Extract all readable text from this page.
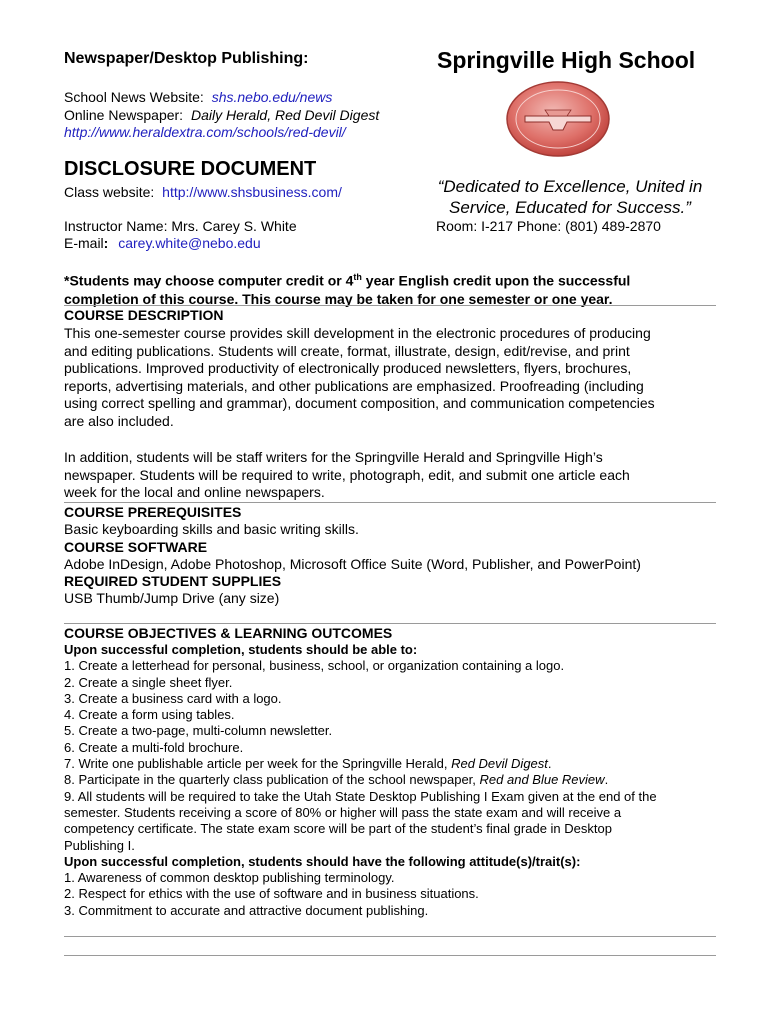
Newspaper/Desktop Publishing:	Springville High School
School News Website: shs.nebo.edu/news
Online Newspaper: Daily Herald, Red Devil Digest
http://www.heraldextra.com/schools/red-devil/
DISCLOSURE DOCUMENT
Class website: http://www.shsbusiness.com/
Instructor Name: Mrs. Carey S. White
E-mail: carey.white@nebo.edu
“Dedicated to Excellence, United in
Service, Educated for Success.”
Room: I-217 Phone: (801) 489-2870
*Students may choose computer credit or 4th year English credit upon the successful
completion of this course. This course may be taken for one semester or one year.
COURSE DESCRIPTION
This one-semester course provides skill development in the electronic procedures of producing
and editing publications. Students will create, format, illustrate, design, edit/revise, and print
publications. Improved productivity of electronically produced newsletters, flyers, brochures,
reports, advertising materials, and other publications are emphasized. Proofreading (including
using correct spelling and grammar), document composition, and communication competencies
are also included.
In addition, students will be staff writers for the Springville Herald and Springville High’s
newspaper. Students will be required to write, photograph, edit, and submit one article each
week for the local and online newspapers.
COURSE PREREQUISITES
Basic keyboarding skills and basic writing skills.
COURSE SOFTWARE
Adobe InDesign, Adobe Photoshop, Microsoft Office Suite (Word, Publisher, and PowerPoint)
REQUIRED STUDENT SUPPLIES
USB Thumb/Jump Drive (any size)
COURSE OBJECTIVES & LEARNING OUTCOMES
Upon successful completion, students should be able to:
1. Create a letterhead for personal, business, school, or organization containing a logo.
2. Create a single sheet flyer.
3. Create a business card with a logo.
4. Create a form using tables.
5. Create a two-page, multi-column newsletter.
6. Create a multi-fold brochure.
7. Write one publishable article per week for the Springville Herald, Red Devil Digest.
8. Participate in the quarterly class publication of the school newspaper, Red and Blue Review.
9. All students will be required to take the Utah State Desktop Publishing I Exam given at the end of the
semester. Students receiving a score of 80% or higher will pass the state exam and will receive a
competency certificate. The state exam score will be part of the student’s final grade in Desktop
Publishing I.
Upon successful completion, students should have the following attitude(s)/trait(s):
1. Awareness of common desktop publishing terminology.
2. Respect for ethics with the use of software and in business situations.
3. Commitment to accurate and attractive document publishing.
